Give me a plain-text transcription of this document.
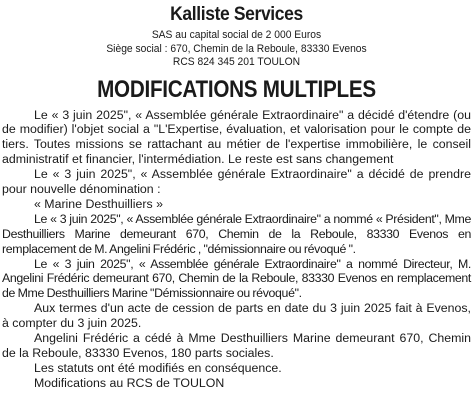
Kalliste Services
SAS au capital social de 2 000 Euros
Siège social : 670, Chemin de la Reboule, 83330 Evenos
RCS 824 345 201 TOULON
MODIFICATIONS MULTIPLES
Le « 3 juin 2025", « Assemblée générale Extraordinaire" a décidé d'étendre (ou de modifier) l'objet social a "L'Expertise, évaluation, et valorisation pour le compte de tiers. Toutes missions se rattachant au métier de l'expertise immobilière, le conseil administratif et financier, l'intermédiation. Le reste est sans changement
Le « 3 juin 2025", « Assemblée générale Extraordinaire" a décidé de prendre pour nouvelle dénomination :
« Marine Desthuilliers »
Le « 3 juin 2025", « Assemblée générale Extraordinaire" a nommé « Président", Mme Desthuilliers Marine demeurant 670, Chemin de la Reboule, 83330 Evenos en remplacement de M. Angelini Frédéric , "démissionnaire ou révoqué ".
Le « 3 juin 2025", « Assemblée générale Extraordinaire" a nommé Directeur, M. Angelini Frédéric demeurant 670, Chemin de la Reboule, 83330 Evenos en remplacement de Mme Desthuilliers Marine "Démissionnaire ou révoqué".
Aux termes d'un acte de cession de parts en date du 3 juin 2025 fait à Evenos, à compter du 3 juin 2025.
Angelini Frédéric a cédé à Mme Desthuilliers Marine demeurant 670, Chemin de la Reboule, 83330 Evenos, 180 parts sociales.
Les statuts ont été modifiés en conséquence.
Modifications au RCS de TOULON
